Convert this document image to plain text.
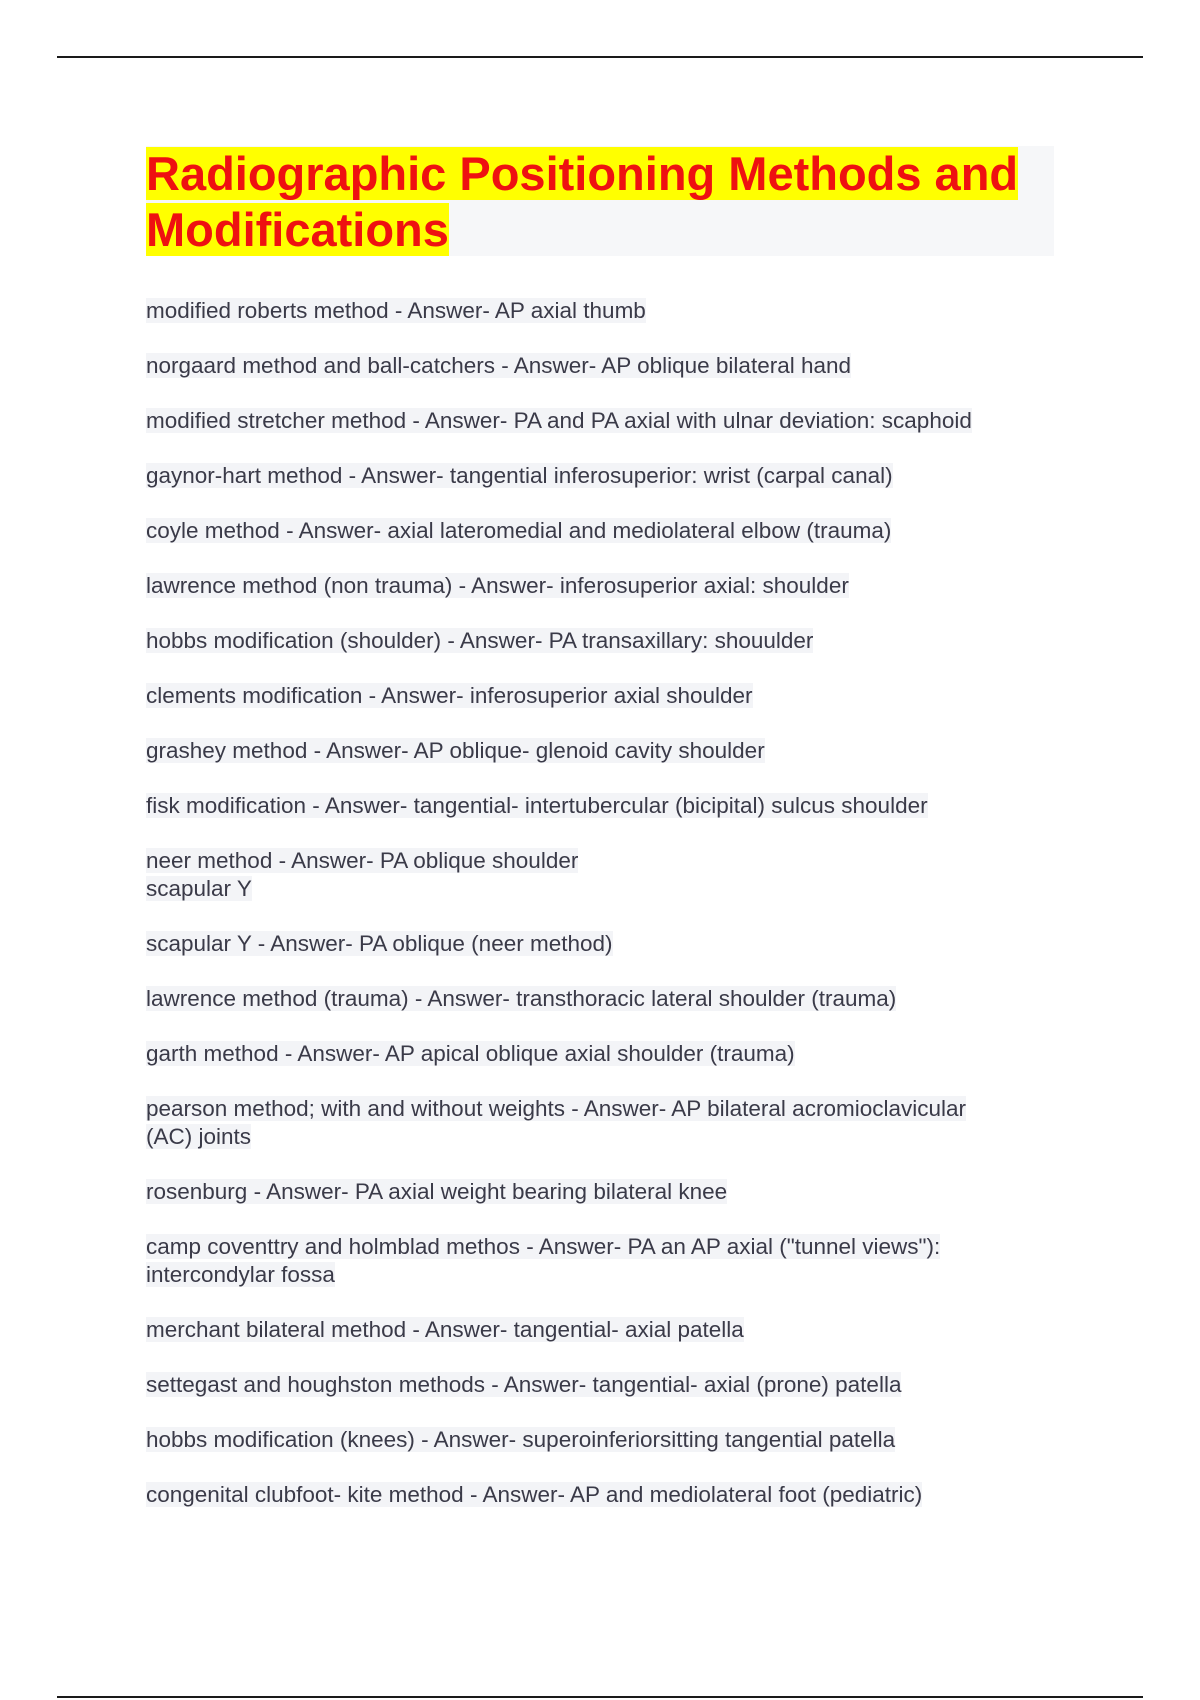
Radiographic Positioning Methods and Modifications
modified roberts method - Answer- AP axial thumb
norgaard method and ball-catchers - Answer- AP oblique bilateral hand
modified stretcher method - Answer- PA and PA axial with ulnar deviation: scaphoid
gaynor-hart method - Answer- tangential inferosuperior: wrist (carpal canal)
coyle method - Answer- axial lateromedial and mediolateral elbow (trauma)
lawrence method (non trauma) - Answer- inferosuperior axial: shoulder
hobbs modification (shoulder) - Answer- PA transaxillary: shouulder
clements modification - Answer- inferosuperior axial shoulder
grashey method - Answer- AP oblique- glenoid cavity shoulder
fisk modification - Answer- tangential- intertubercular (bicipital) sulcus shoulder
neer method - Answer- PA oblique shoulder
scapular Y
scapular Y - Answer- PA oblique (neer method)
lawrence method (trauma) - Answer- transthoracic lateral shoulder (trauma)
garth method - Answer- AP apical oblique axial shoulder (trauma)
pearson method; with and without weights - Answer- AP bilateral acromioclavicular
(AC) joints
rosenburg - Answer- PA axial weight bearing bilateral knee
camp coventtry and holmblad methos - Answer- PA an AP axial ("tunnel views"):
intercondylar fossa
merchant bilateral method - Answer- tangential- axial patella
settegast and houghston methods - Answer- tangential- axial (prone) patella
hobbs modification (knees) - Answer- superoinferiorsitting tangential patella
congenital clubfoot- kite method - Answer- AP and mediolateral foot (pediatric)
